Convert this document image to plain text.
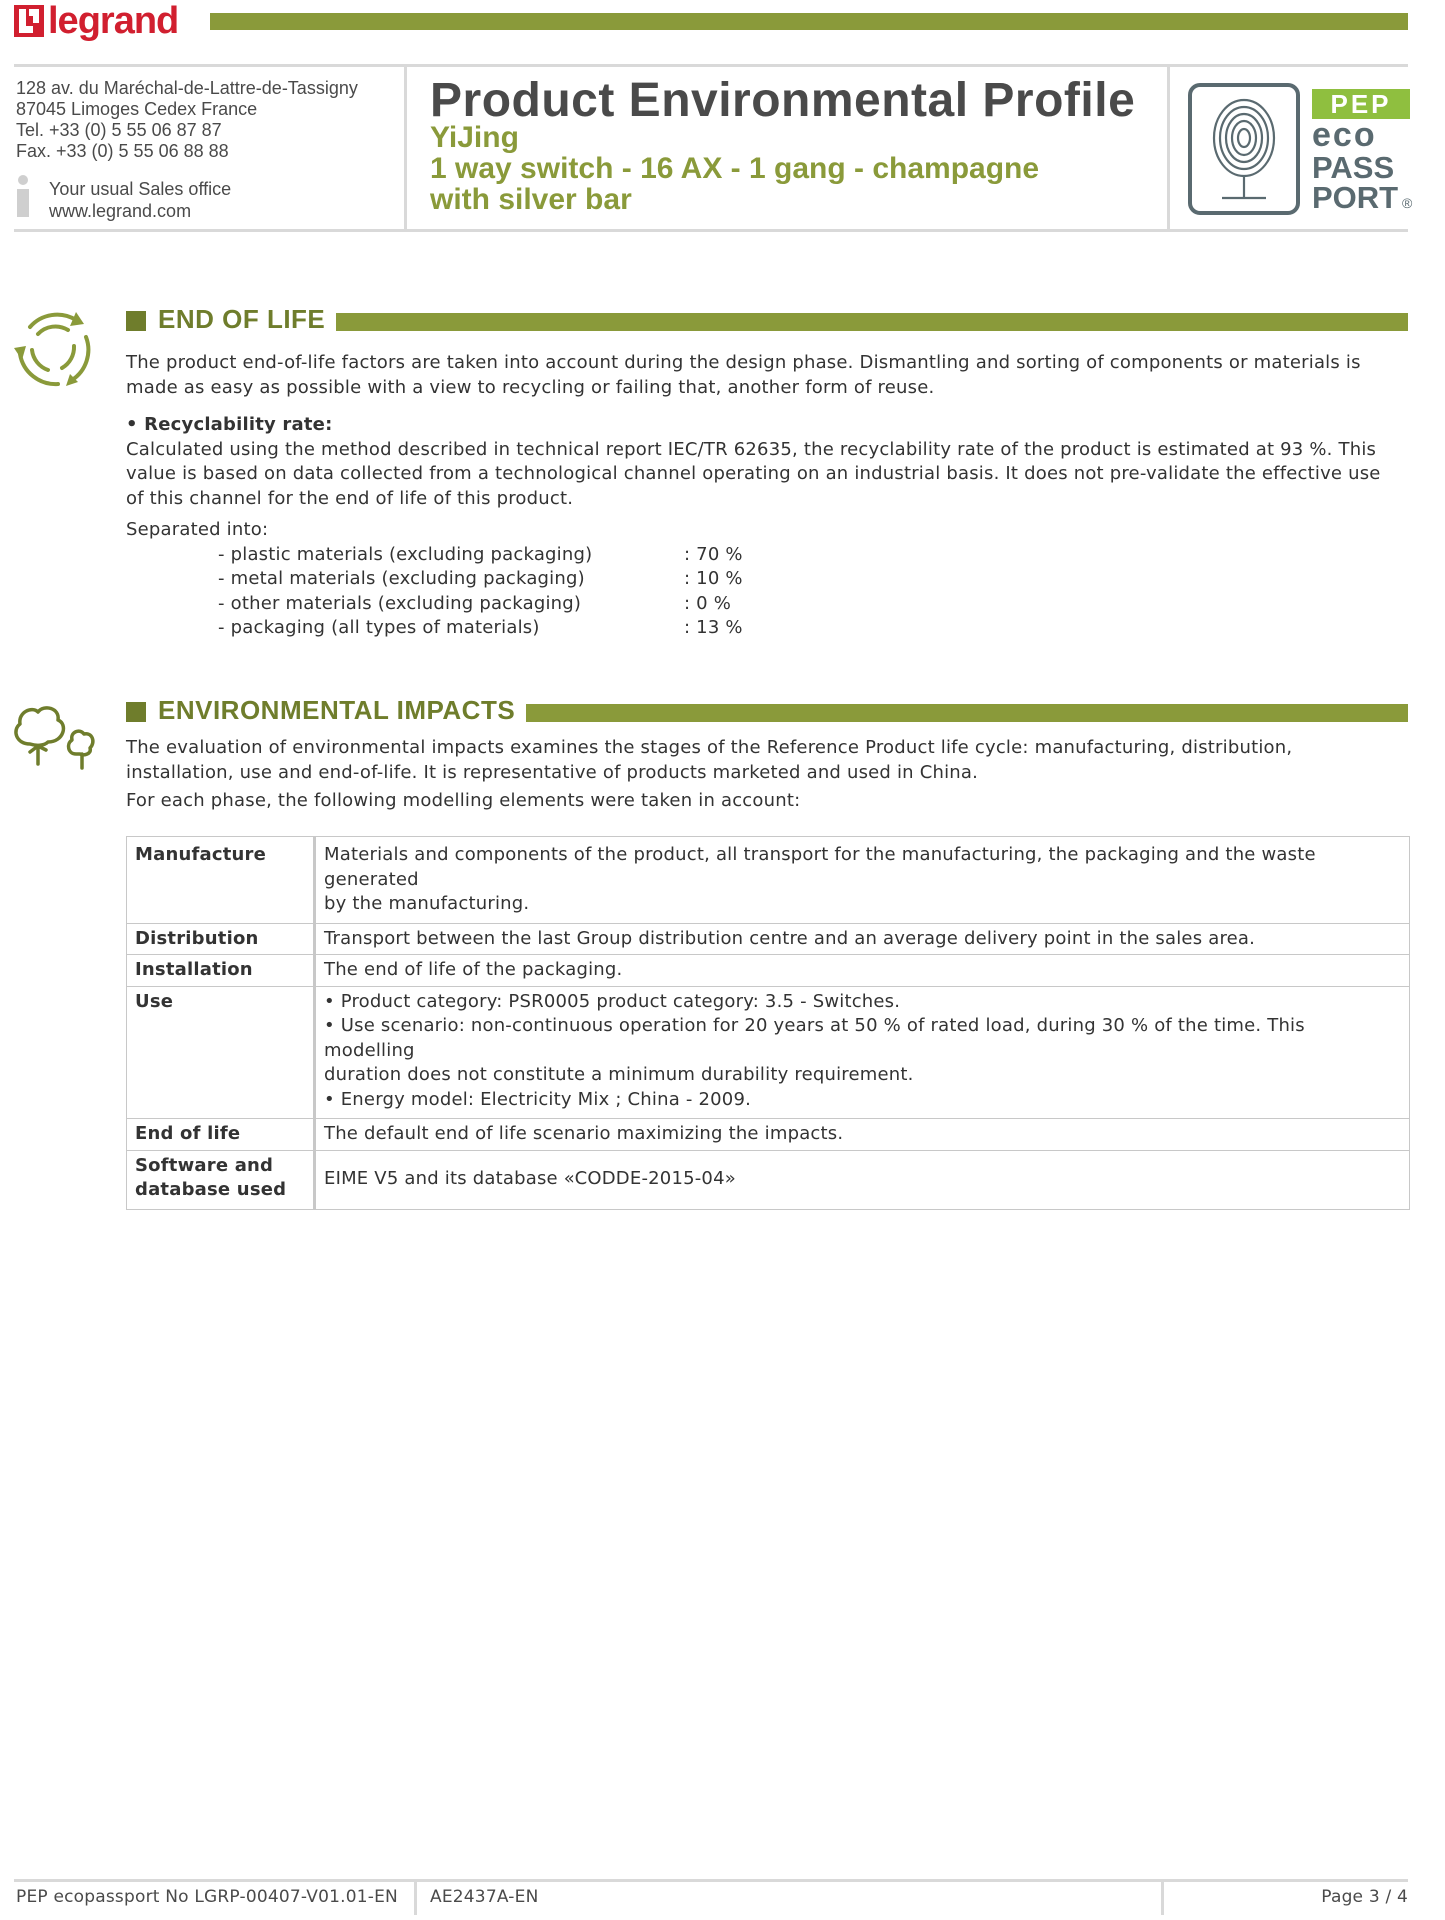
legrand
128 av. du Maréchal-de-Lattre-de-Tassigny
87045 Limoges Cedex France
Tel. +33 (0) 5 55 06 87 87
Fax. +33 (0) 5 55 06 88 88
Your usual Sales office
www.legrand.com
Product Environmental Profile
YiJing
1 way switch - 16 AX - 1 gang - champagne
with silver bar
PEP
eco
PASS
PORT ®
END OF LIFE
The product end-of-life factors are taken into account during the design phase. Dismantling and sorting of components or materials is
made as easy as possible with a view to recycling or failing that, another form of reuse.
• Recyclability rate:
Calculated using the method described in technical report IEC/TR 62635, the recyclability rate of the product is estimated at 93 %. This
value is based on data collected from a technological channel operating on an industrial basis. It does not pre-validate the effective use
of this channel for the end of life of this product.
Separated into:
- plastic materials (excluding packaging)	: 70 %
- metal materials (excluding packaging)	: 10 %
- other materials (excluding packaging)	: 0 %
- packaging (all types of materials)	: 13 %
ENVIRONMENTAL IMPACTS
The evaluation of environmental impacts examines the stages of the Reference Product life cycle: manufacturing, distribution,
installation, use and end-of-life. It is representative of products marketed and used in China.
For each phase, the following modelling elements were taken in account:
Manufacture	Materials and components of the product, all transport for the manufacturing, the packaging and the waste generated
by the manufacturing.

Distribution	Transport between the last Group distribution centre and an average delivery point in the sales area.

Installation	The end of life of the packaging.

Use	• Product category: PSR0005 product category: 3.5 - Switches.
• Use scenario: non-continuous operation for 20 years at 50 % of rated load, during 30 % of the time. This modelling
duration does not constitute a minimum durability requirement.
• Energy model: Electricity Mix ; China - 2009.

End of life	The default end of life scenario maximizing the impacts.

Software and
database used	EIME V5 and its database «CODDE-2015-04»
PEP ecopassport No LGRP-00407-V01.01-EN AE2437A-EN	Page 3 / 4
